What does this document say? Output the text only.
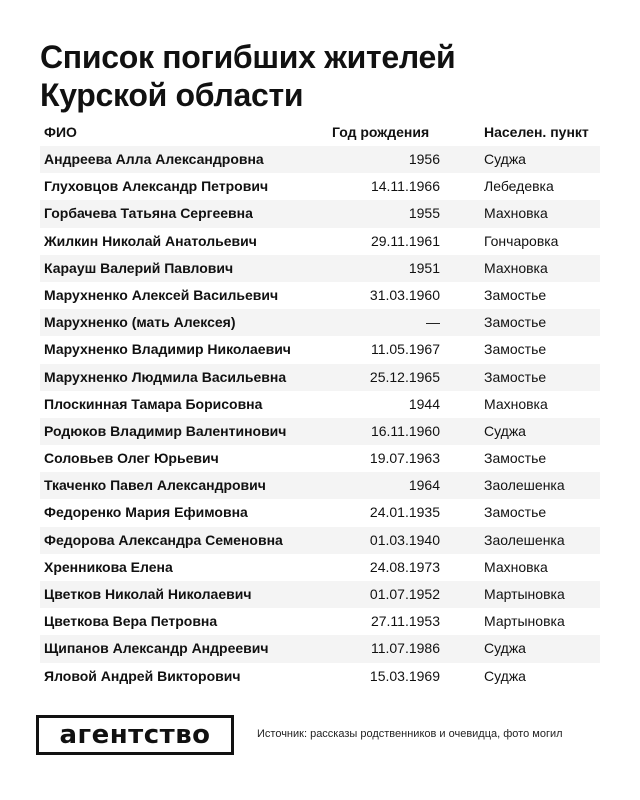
Список погибших жителей
Курской области
ФИО	Год рождения	Населен. пункт
Андреева Алла Александровна	1956	Суджа
Глуховцов Александр Петрович	14.11.1966	Лебедевка
Горбачева Татьяна Сергеевна	1955	Махновка
Жилкин Николай Анатольевич	29.11.1961	Гончаровка
Карауш Валерий Павлович	1951	Махновка
Марухненко Алексей Васильевич	31.03.1960	Замостье
Марухненко (мать Алексея)	—	Замостье
Марухненко Владимир Николаевич	11.05.1967	Замостье
Марухненко Людмила Васильевна	25.12.1965	Замостье
Плоскинная Тамара Борисовна	1944	Махновка
Родюков Владимир Валентинович	16.11.1960	Суджа
Соловьев Олег Юрьевич	19.07.1963	Замостье
Ткаченко Павел Александрович	1964	Заолешенка
Федоренко Мария Ефимовна	24.01.1935	Замостье
Федорова Александра Семеновна	01.03.1940	Заолешенка
Хренникова Елена	24.08.1973	Махновка
Цветков Николай Николаевич	01.07.1952	Мартыновка
Цветкова Вера Петровна	27.11.1953	Мартыновка
Щипанов Александр Андреевич	11.07.1986	Суджа
Яловой Андрей Викторович	15.03.1969	Суджа
агентство	Источник: рассказы родственников и очевидца, фото могил
